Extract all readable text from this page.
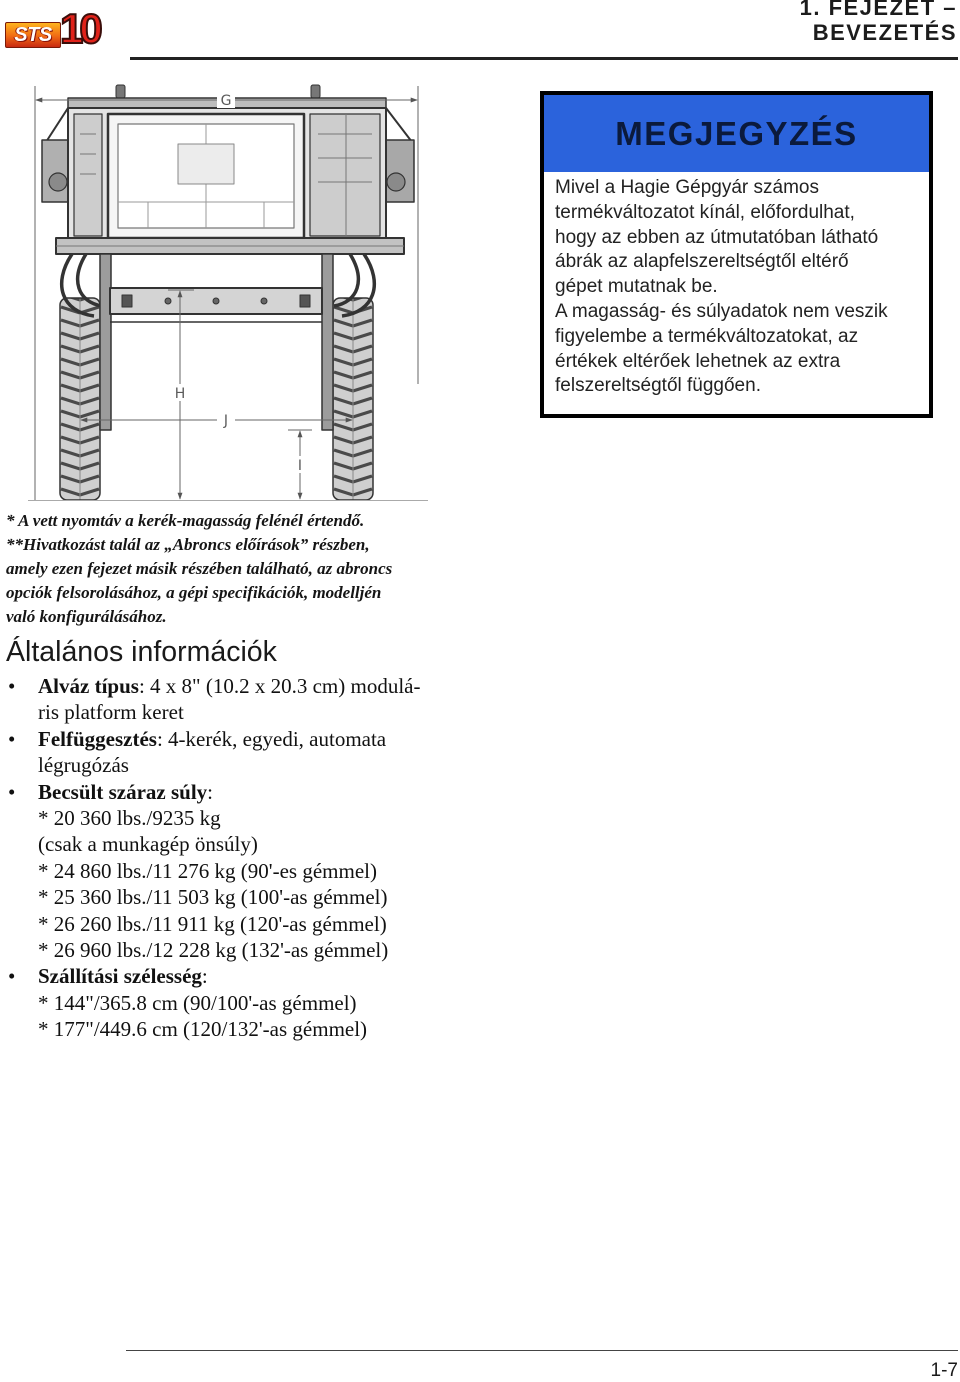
STS 10	1. FEJEZET –
BEVEZETÉS
G
H
J
I
MEGJEGYZÉS

Mivel a Hagie Gépgyár számos
termékváltozatot kínál, előfordulhat,
hogy az ebben az útmutatóban látható
ábrák az alapfelszereltségtől eltérő
gépet mutatnak be.

A magasság- és súlyadatok nem veszik
figyelembe a termékváltozatokat, az
értékek eltérőek lehetnek az extra
felszereltségtől függően.

* A vett nyomtáv a kerék-magasság felénél értendő.
**Hivatkozást talál az „Abroncs előírások” részben,
amely ezen fejezet másik részében található, az abroncs
opciók felsorolásához, a gépi specifikációk, modelljén
való konfigurálásához.
Általános információk
• Alváz típus: 4 x 8" (10.2 x 20.3 cm) modulá-
ris platform keret
• Felfüggesztés: 4-kerék, egyedi, automata
légrugózás
• Becsült száraz súly:
* 20 360 lbs./9235 kg
(csak a munkagép önsúly)
* 24 860 lbs./11 276 kg (90'-es gémmel)
* 25 360 lbs./11 503 kg (100'-as gémmel)
* 26 260 lbs./11 911 kg (120'-as gémmel)
* 26 960 lbs./12 228 kg (132'-as gémmel)
• Szállítási szélesség:
* 144"/365.8 cm (90/100'-as gémmel)
* 177"/449.6 cm (120/132'-as gémmel)
1-7
